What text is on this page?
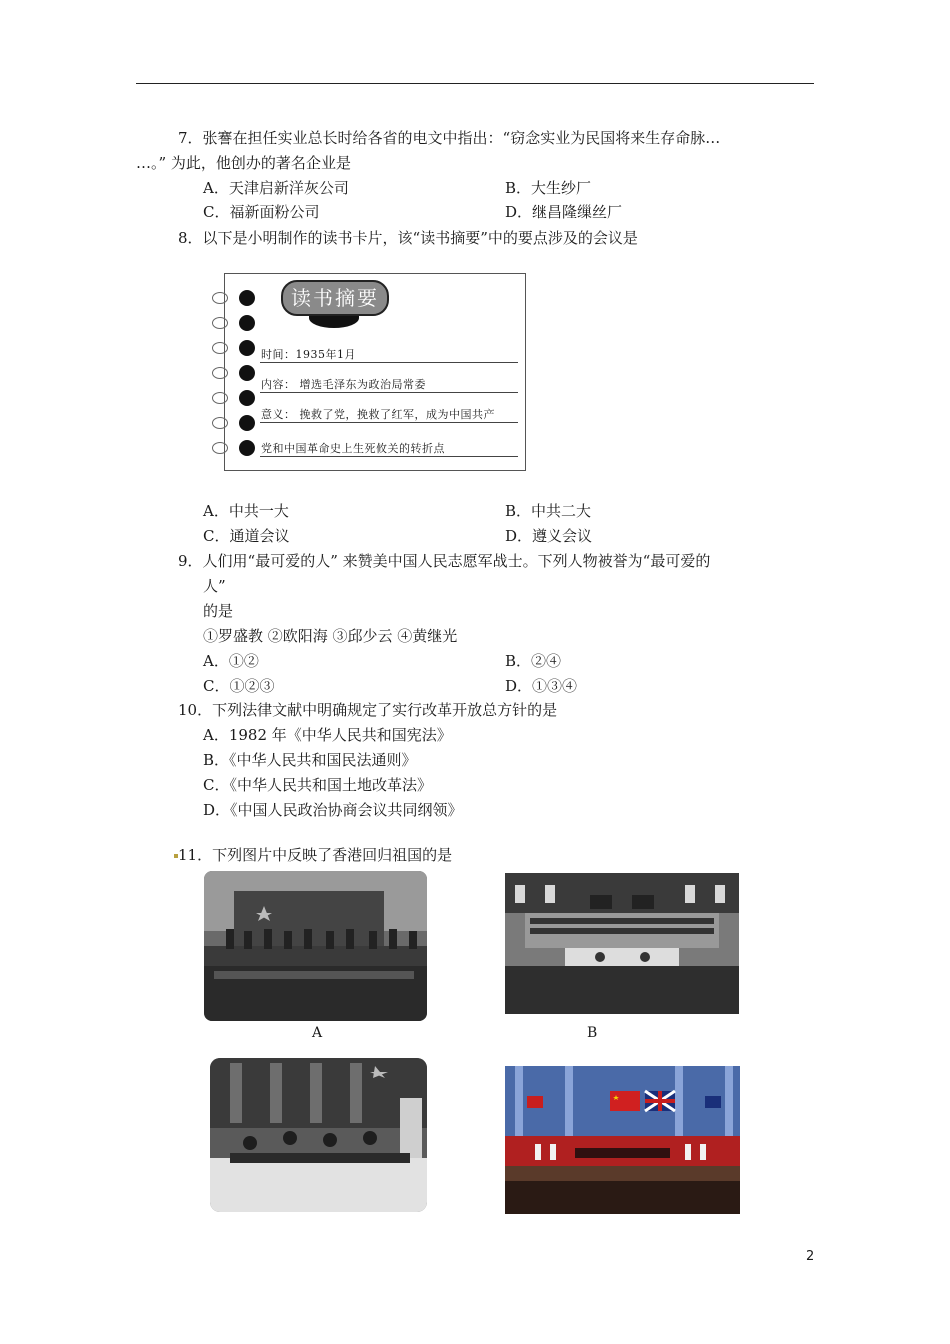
7．张謇在担任实业总长时给各省的电文中指出：“窃念实业为民国将来生存命脉…
…。” 为此，他创办的著名企业是
A．天津启新洋灰公司	B．大生纱厂
C．福新面粉公司	D．继昌隆缫丝厂
8．以下是小明制作的读书卡片，该“读书摘要”中的要点涉及的会议是
读书摘要
时间：1935年1月
内容： 增选毛泽东为政治局常委
意义： 挽救了党，挽救了红军，成为中国共产
党和中国革命史上生死攸关的转折点
A．中共一大	B．中共二大
C．通道会议	D．遵义会议
9．人们用“最可爱的人” 来赞美中国人民志愿军战士。下列人物被誉为“最可爱的
人”
的是
①罗盛教 ②欧阳海 ③邱少云 ④黄继光
A．①②	B．②④
C．①②③	D．①③④
10．下列法律文献中明确规定了实行改革开放总方针的是
A．1982 年《中华人民共和国宪法》
B．《中华人民共和国民法通则》
C．《中华人民共和国土地改革法》
D．《中国人民政治协商会议共同纲领》
11．下列图片中反映了香港回归祖国的是
A	B
2
